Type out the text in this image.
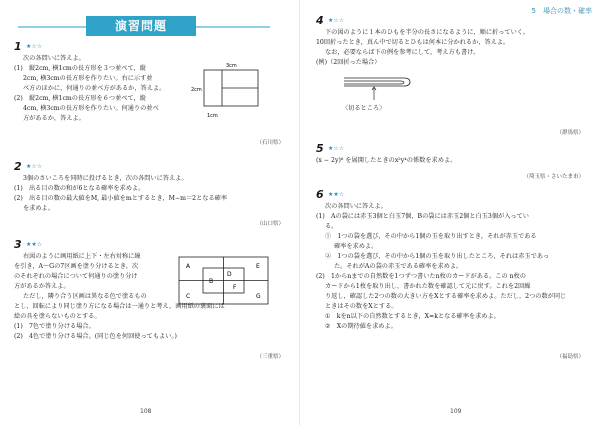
演習問題
1 ★☆☆
次の各問いに答えよ。
(1)　縦2cm, 横1cmの長方形を３つ並べて，縦
2cm, 横3cmの長方形を作りたい。右に示す並
べ方のほかに，何通りの並べ方があるか，答えよ。
(2)　縦2cm, 横1cmの長方形を６つ並べて，縦
4cm, 横3cmの長方形を作りたい。何通りの並べ
方があるか，答えよ。
3cm
2cm
1cm
（石川県）
2 ★☆☆
3個のさいころを同時に投げるとき，次の各問いに答えよ。
(1)　出る目の数の和が6となる確率を求めよ。
(2)　出る目の数の最大値をM, 最小値をmとするとき，M−m＝2となる確率
を求めよ。
（山口県）
3 ★★☆
右図のように画用紙に上下・左右対称に線
を引き，A～Gの7区画を塗り分けるとき，次
のそれぞれの場合について何通りの塗り分け
方があるか答えよ。
ただし，隣り合う区画は異なる色で塗るもの
とし，回転により同じ塗り方になる場合は一通りと考え，画用紙の裏面には
絵の具を塗らないものとする。
(1)　7色で塗り分ける場合。
(2)　4色で塗り分ける場合。(同じ色を何回使ってもよい。)
A
B
C
D
E
F
G
（三重県）
108
5　場合の数・確率
4 ★☆☆
下の図のように１本のひもを半分の長さになるように，順に折っていく。
10回折ったとき，真ん中で切るとひもは何本に分かれるか，答えよ。
なお，必要ならば下の例を参考にして，考え方も書け。
(例)（2回折った場合）
〈切るところ〉
（群馬県）
5 ★☆☆
(x − 2y)⁶ を展開したときのx²y⁴の係数を求めよ。
（埼玉県・さいたま市）
6 ★★☆
次の各問いに答えよ。
(1)　Aの袋には赤玉3個と白玉7個，Bの袋には赤玉2個と白玉3個が入ってい
る。
①　1つの袋を選び，その中から1個の玉を取り出すとき，それが赤玉である
確率を求めよ。
②　1つの袋を選び，その中から1個の玉を取り出したところ，それは赤玉であっ
た。それがAの袋の赤玉である確率を求めよ。
(2)　1からnまでの自然数を1つずつ書いたn枚のカードがある。この n枚の
カードから1枚を取り出し，書かれた数を確認して元に戻す。これを2回繰
り返し，確認した2つの数の大きい方をXとする確率を求めよ。ただし，2つの数が同じ
ときはその数をXとする。
①　kをn以下の自然数とするとき，X=kとなる確率を求めよ。
②　Xの期待値を求めよ。
（福島県）
109
